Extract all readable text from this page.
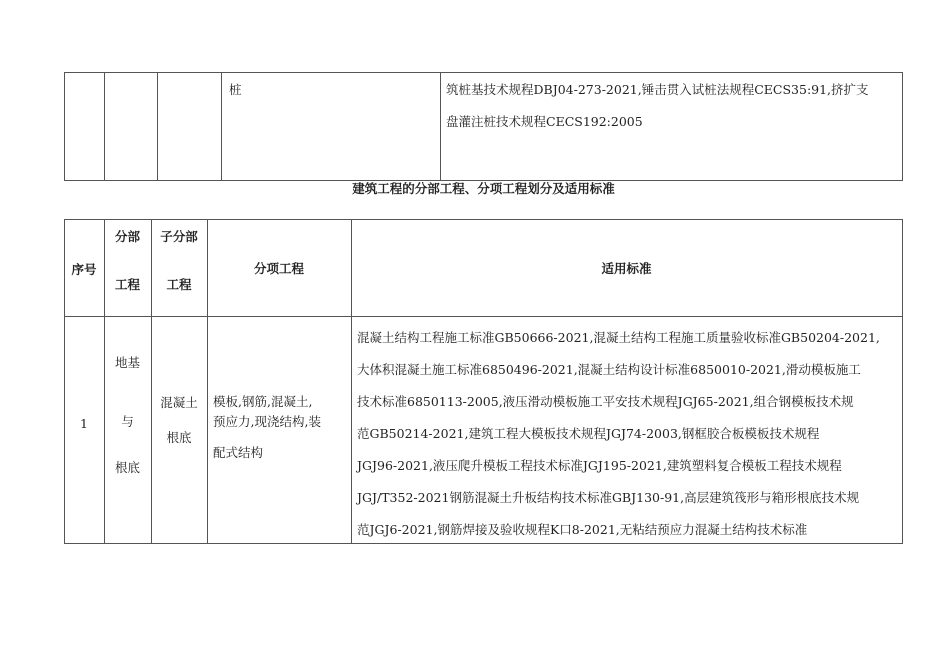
桩	筑桩基技术规程DBJ04-273-2021,锤击贯入试桩法规程CECS35:91,挤扩支
盘灌注桩技术规程CECS192:2005
建筑工程的分部工程、分项工程划分及适用标准
序号
分部
工程
子分部
工程
分项工程	适用标准
1
地基
与
根底
混凝土
根底
模板,钢筋,混凝土,
预应力,现浇结构,装
配式结构
混凝土结构工程施工标准GB50666-2021,混凝土结构工程施工质量验收标准GB50204-2021,
大体积混凝土施工标准6850496-2021,混凝土结构设计标准6850010-2021,滑动模板施工
技术标准6850113-2005,液压滑动模板施工平安技术规程JGJ65-2021,组合钢模板技术规
范GB50214-2021,建筑工程大模板技术规程JGJ74-2003,钢框胶合板模板技术规程
JGJ96-2021,液压爬升模板工程技术标准JGJ195-2021,建筑塑料复合模板工程技术规程
JGJ/T352-2021钢筋混凝土升板结构技术标准GBJ130-91,高层建筑筏形与箱形根底技术规
范JGJ6-2021,钢筋焊接及验收规程K口8-2021,无粘结预应力混凝土结构技术标准
